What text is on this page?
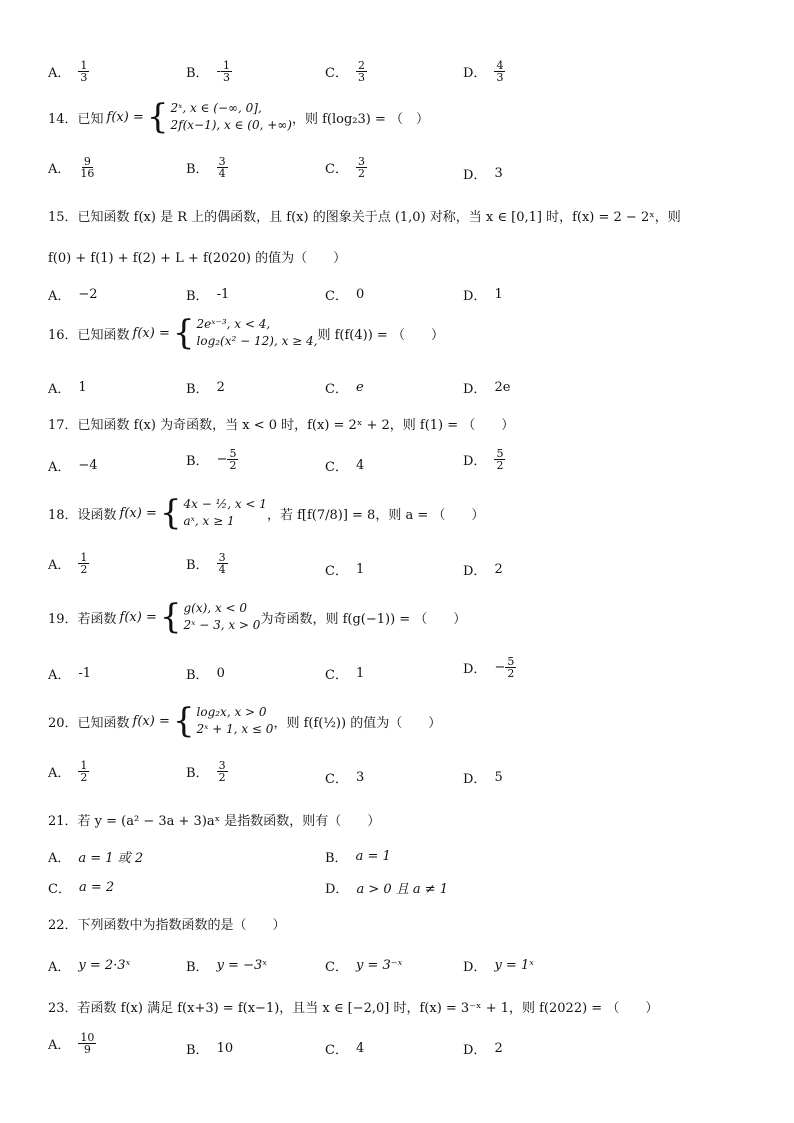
A． $\frac{1}{3}$	B． - $\frac{1}{3}$	C． $\frac{2}{3}$	D． $\frac{4}{3}$
14．已知 f(x) = { 2ˣ, x ∈ (−∞, 0],
2f(x−1), x ∈ (0, +∞) ，则 f(log₂3) = （　）
A． $\frac{9}{16}$	B． $\frac{3}{4}$	C． $\frac{3}{2}$	D． 3
15．已知函数 f(x) 是 R 上的偶函数，且 f(x) 的图象关于点 (1,0) 对称，当 x ∈ [0,1] 时，f(x) = 2 − 2ˣ，则
f(0) + f(1) + f(2) + L + f(2020) 的值为（　　）
A． −2	B． -1	C． 0	D． 1
16．已知函数 f(x) = { 2eˣ⁻³, x < 4,
log₂(x² − 12), x ≥ 4, 则 f(f(4)) = （　　）
A． 1	B． 2	C． e	D． 2e
17．已知函数 f(x) 为奇函数，当 x < 0 时，f(x) = 2ˣ + 2，则 f(1) = （　　）
A． −4	B． − $\frac{5}{2}$	C． 4	D． $\frac{5}{2}$
18．设函数 f(x) = { 4x − ½, x < 1
aˣ, x ≥ 1	，若 f[f(7/8)] = 8，则 a = （　　）
A． $\frac{1}{2}$	B． $\frac{3}{4}$	C． 1	D． 2
19．若函数 f(x) = { g(x), x < 0
2ˣ − 3, x > 0 为奇函数，则 f(g(−1)) = （　　）
A． -1	B． 0	C． 1	D． − $\frac{5}{2}$
20．已知函数 f(x) = { log₂x, x > 0
2ˣ + 1, x ≤ 0 ，则 f(f(½)) 的值为（　　）
A． $\frac{1}{2}$	B． $\frac{3}{2}$	C． 3	D． 5
21．若 y = (a² − 3a + 3)aˣ 是指数函数，则有（　　）
A． a = 1 或 2	B． a = 1
C． a = 2	D． a > 0 且 a ≠ 1
22．下列函数中为指数函数的是（　　）
A． y = 2·3ˣ	B． y = −3ˣ	C． y = 3⁻ˣ	D． y = 1ˣ
23．若函数 f(x) 满足 f(x+3) = f(x−1)，且当 x ∈ [−2,0] 时，f(x) = 3⁻ˣ + 1，则 f(2022) = （　　）
A． $\frac{10}{9}$	B． 10	C． 4	D． 2
